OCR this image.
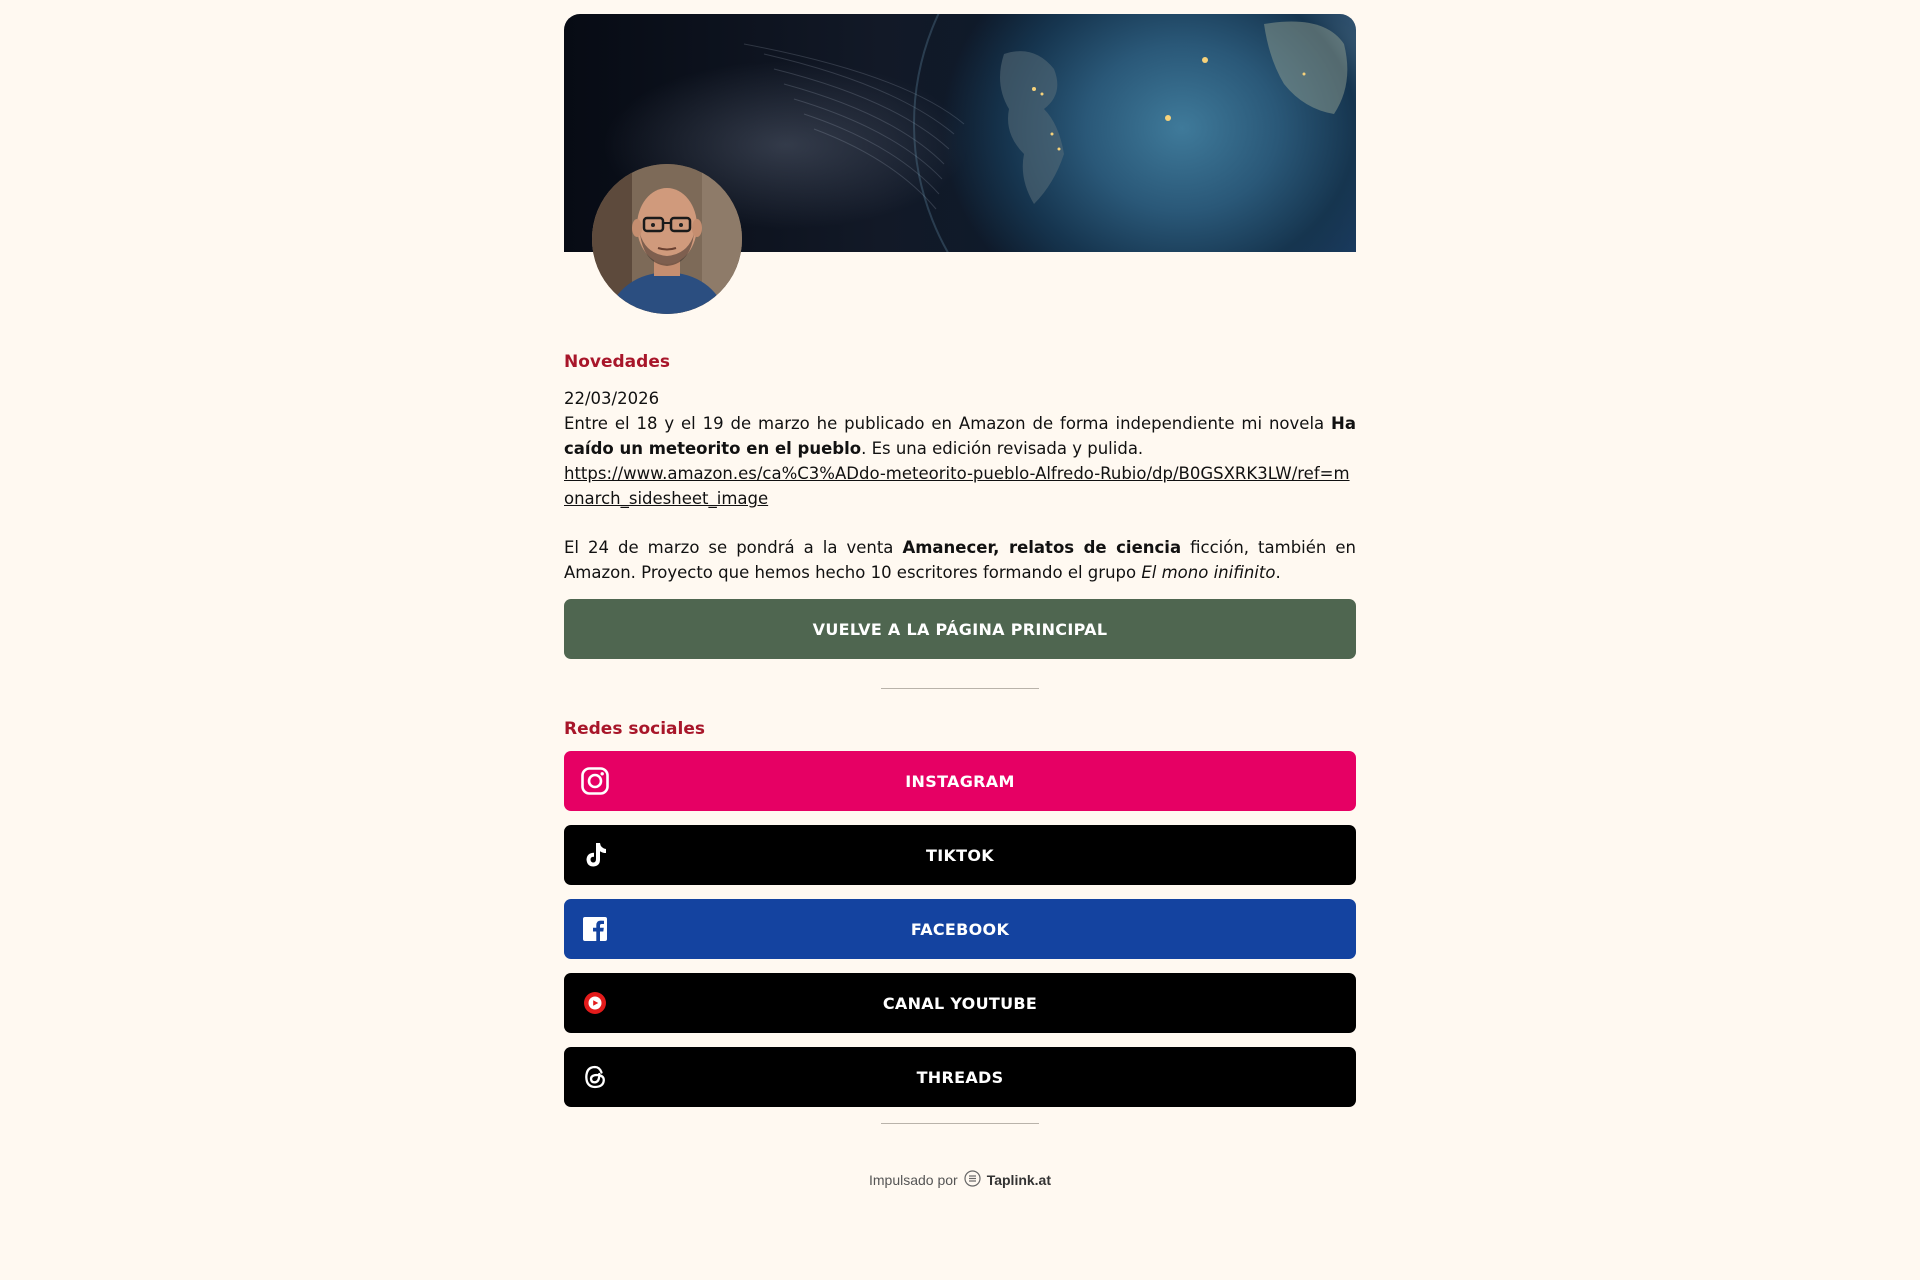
Novedades
22/03/2026
Entre el 18 y el 19 de marzo he publicado en Amazon de forma independiente mi novela Ha caído un meteorito en el pueblo. Es una edición revisada y pulida.
https://www.amazon.es/ca%C3%ADdo-meteorito-pueblo-Alfredo-Rubio/dp/B0GSXRK3LW/ref=monarch_sidesheet_image
El 24 de marzo se pondrá a la venta Amanecer, relatos de ciencia ficción, también en Amazon. Proyecto que hemos hecho 10 escritores formando el grupo El mono inifinito.
VUELVE A LA PÁGINA PRINCIPAL
Redes sociales
INSTAGRAM
TIKTOK
FACEBOOK
CANAL YOUTUBE
THREADS
Impulsado por Taplink.at
